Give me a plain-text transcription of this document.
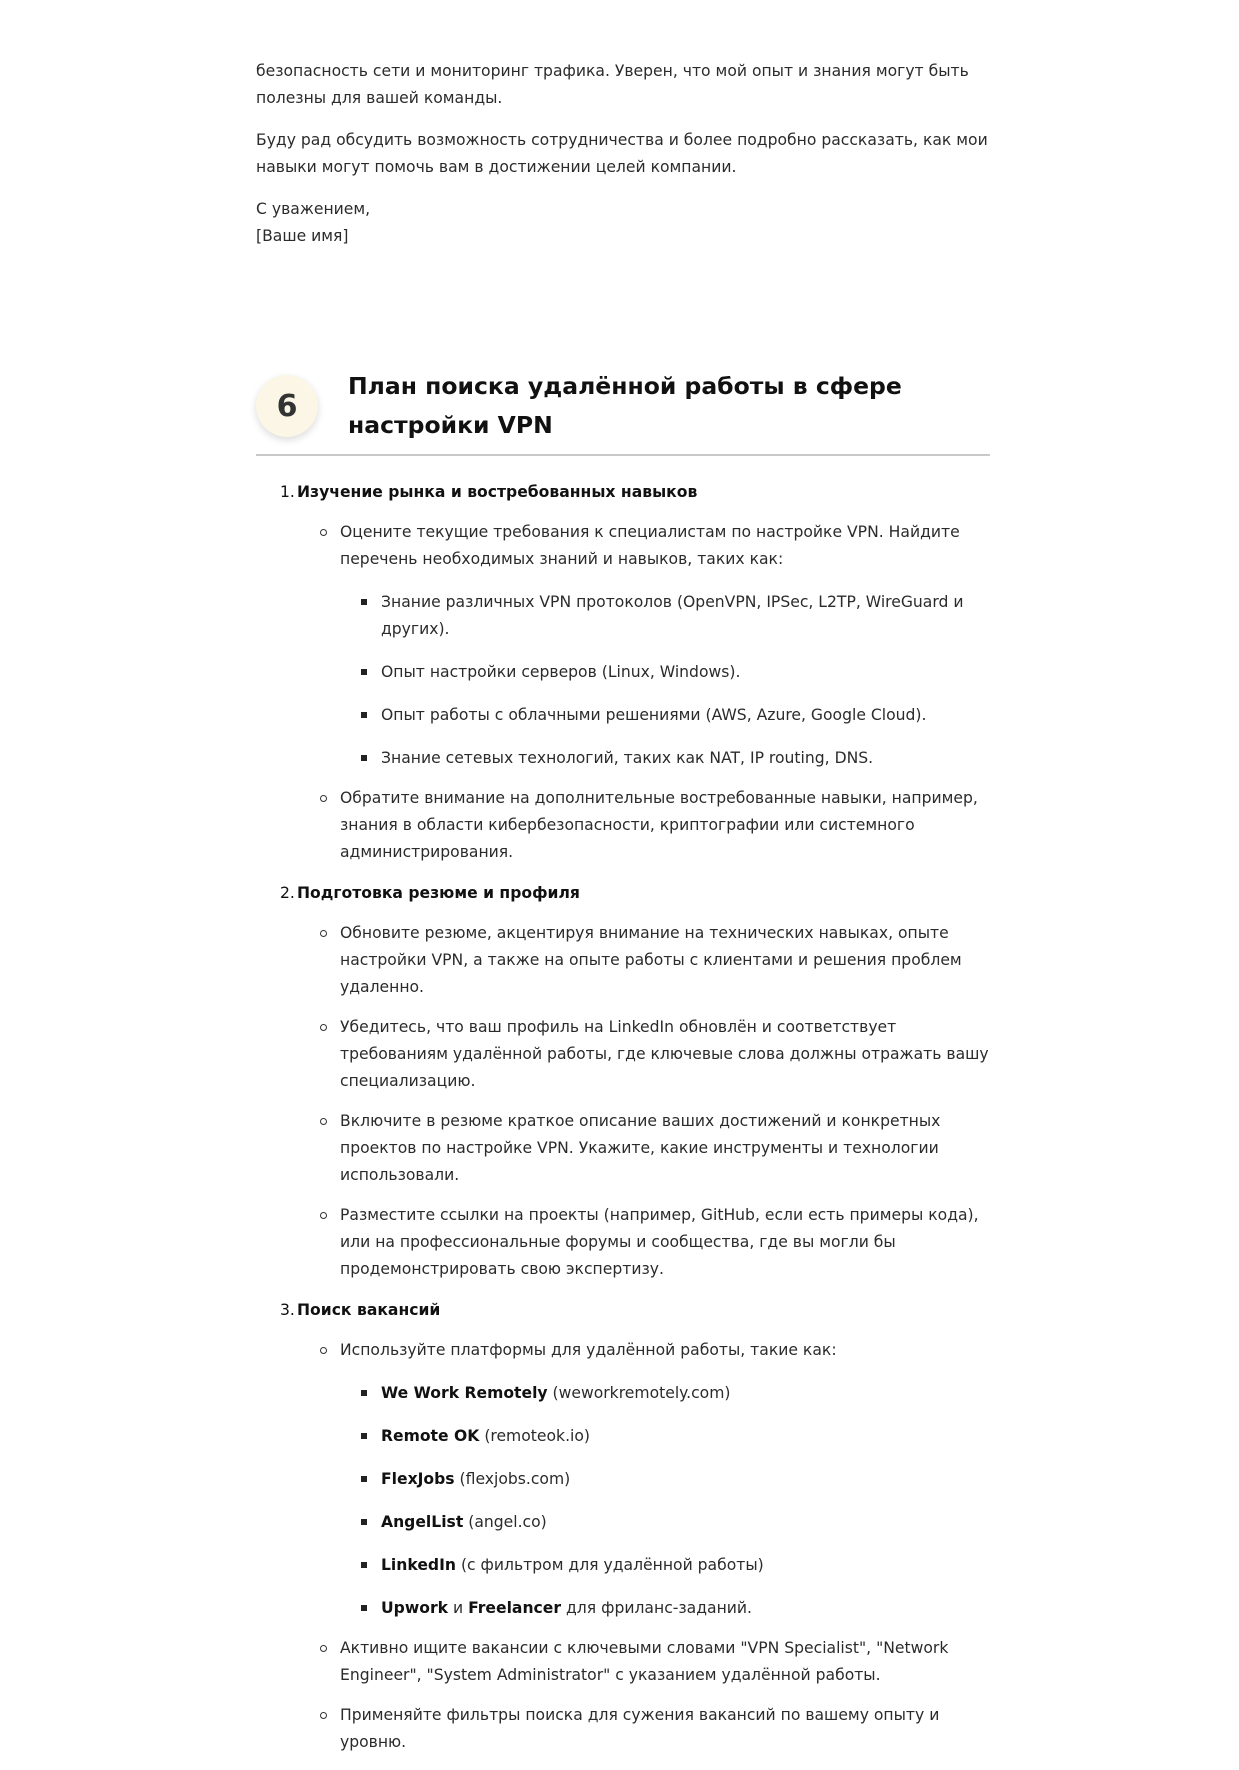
безопасность сети и мониторинг трафика. Уверен, что мой опыт и знания могут быть полезны для вашей команды.

Буду рад обсудить возможность сотрудничества и более подробно рассказать, как мои навыки могут помочь вам в достижении целей компании.

С уважением,

[Ваше имя]

6
План поиска удалённой работы в сфере настройки VPN
1. Изучение рынка и востребованных навыков

Оцените текущие требования к специалистам по настройке VPN. Найдите перечень необходимых знаний и навыков, таких как:

Знание различных VPN протоколов (OpenVPN, IPSec, L2TP, WireGuard и других).

Опыт настройки серверов (Linux, Windows).

Опыт работы с облачными решениями (AWS, Azure, Google Cloud).

Знание сетевых технологий, таких как NAT, IP routing, DNS.

Обратите внимание на дополнительные востребованные навыки, например, знания в области кибербезопасности, криптографии или системного администрирования.

2. Подготовка резюме и профиля

Обновите резюме, акцентируя внимание на технических навыках, опыте настройки VPN, а также на опыте работы с клиентами и решения проблем удаленно.

Убедитесь, что ваш профиль на LinkedIn обновлён и соответствует требованиям удалённой работы, где ключевые слова должны отражать вашу специализацию.

Включите в резюме краткое описание ваших достижений и конкретных проектов по настройке VPN. Укажите, какие инструменты и технологии использовали.

Разместите ссылки на проекты (например, GitHub, если есть примеры кода), или на профессиональные форумы и сообщества, где вы могли бы продемонстрировать свою экспертизу.

3. Поиск вакансий

Используйте платформы для удалённой работы, такие как:

We Work Remotely (weworkremotely.com)

Remote OK (remoteok.io)

FlexJobs (flexjobs.com)

AngelList (angel.co)

LinkedIn (с фильтром для удалённой работы)

Upwork и Freelancer для фриланс-заданий.

Активно ищите вакансии с ключевыми словами "VPN Specialist", "Network Engineer", "System Administrator" с указанием удалённой работы.

Применяйте фильтры поиска для сужения вакансий по вашему опыту и уровню.
